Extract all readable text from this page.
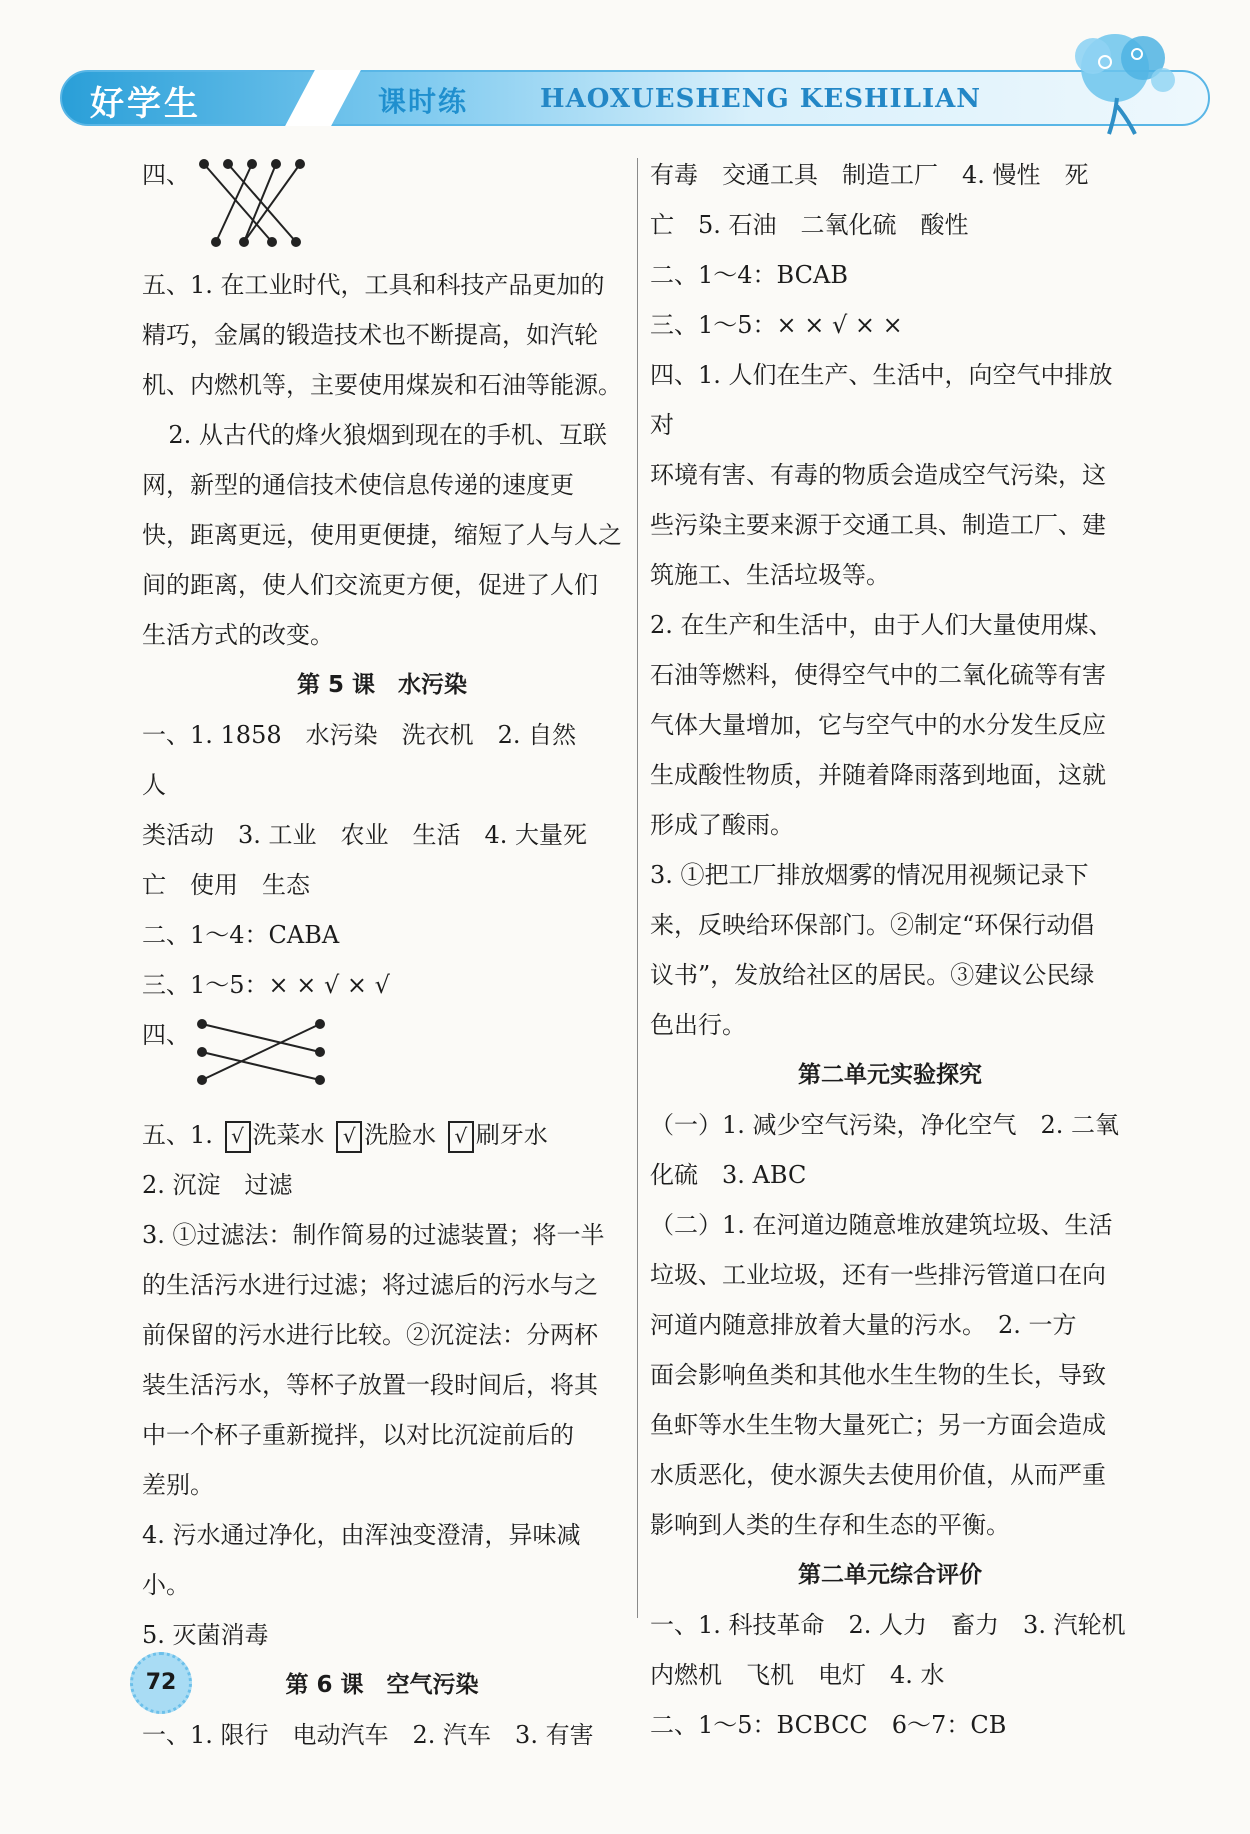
好学生	课时练	HAOXUESHENG KESHILIAN
四、

五、1. 在工业时代，工具和科技产品更加的

精巧，金属的锻造技术也不断提高，如汽轮

机、内燃机等，主要使用煤炭和石油等能源。

2. 从古代的烽火狼烟到现在的手机、互联

网，新型的通信技术使信息传递的速度更

快，距离更远，使用更便捷，缩短了人与人之

间的距离，使人们交流更方便，促进了人们

生活方式的改变。

第 5 课　水污染

一、1. 1858　水污染　洗衣机　2. 自然　人

类活动　3. 工业　农业　生活　4. 大量死

亡　使用　生态

二、1～4：CABA

三、1～5：× × √ × √

四、

五、1. √ 洗菜水 √ 洗脸水 √ 刷牙水

2. 沉淀　过滤

3. ①过滤法：制作简易的过滤装置；将一半

的生活污水进行过滤；将过滤后的污水与之

前保留的污水进行比较。②沉淀法：分两杯

装生活污水，等杯子放置一段时间后，将其

中一个杯子重新搅拌，以对比沉淀前后的

差别。

4. 污水通过净化，由浑浊变澄清，异味减小。

5. 灭菌消毒

第 6 课　空气污染

一、1. 限行　电动汽车　2. 汽车　3. 有害

有毒　交通工具　制造工厂　4. 慢性　死

亡　5. 石油　二氧化硫　酸性

二、1～4：BCAB

三、1～5：× × √ × ×

四、1. 人们在生产、生活中，向空气中排放对

环境有害、有毒的物质会造成空气污染，这

些污染主要来源于交通工具、制造工厂、建

筑施工、生活垃圾等。

2. 在生产和生活中，由于人们大量使用煤、

石油等燃料，使得空气中的二氧化硫等有害

气体大量增加，它与空气中的水分发生反应

生成酸性物质，并随着降雨落到地面，这就

形成了酸雨。

3. ①把工厂排放烟雾的情况用视频记录下

来，反映给环保部门。②制定“环保行动倡

议书”，发放给社区的居民。③建议公民绿

色出行。

第二单元实验探究

（一）1. 减少空气污染，净化空气　2. 二氧

化硫　3. ABC

（二）1. 在河道边随意堆放建筑垃圾、生活

垃圾、工业垃圾，还有一些排污管道口在向

河道内随意排放着大量的污水。　2. 一方

面会影响鱼类和其他水生生物的生长，导致

鱼虾等水生生物大量死亡；另一方面会造成

水质恶化，使水源失去使用价值，从而严重

影响到人类的生存和生态的平衡。

第二单元综合评价

一、1. 科技革命　2. 人力　畜力　3. 汽轮机

内燃机　飞机　电灯　4. 水

二、1～5：BCBCC　6～7：CB

72
